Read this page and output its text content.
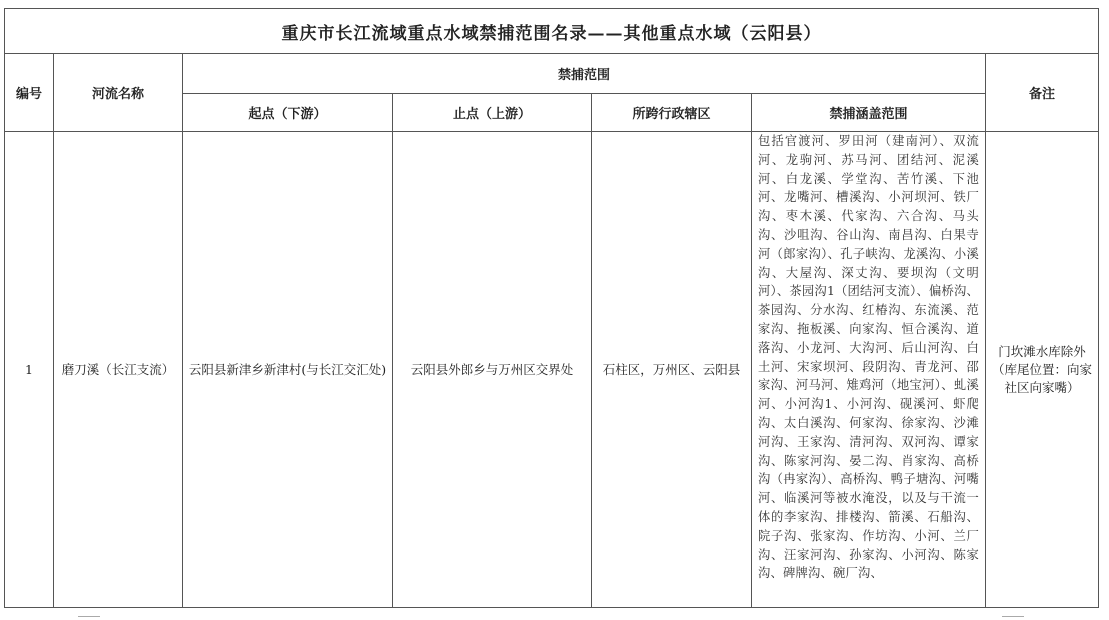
重庆市长江流域重点水域禁捕范围名录——其他重点水域（云阳县）						
编号	河流名称	禁捕范围				备注
		起点（下游）	止点（上游）	所跨行政辖区	禁捕涵盖范围	
1	磨刀溪（长江支流）	云阳县新津乡新津村(与长江交汇处)	云阳县外郎乡与万州区交界处	石柱区，万州区、云阳县	包括官渡河、罗田河（建南河）、双流河、龙驹河、苏马河、团结河、泥溪河、白龙溪、学堂沟、苦竹溪、下池河、龙嘴河、槽溪沟、小河坝河、铁厂沟、枣木溪、代家沟、六合沟、马头沟、沙咀沟、谷山沟、南昌沟、白果寺河（郎家沟）、孔子峡沟、龙溪沟、小溪沟、大屋沟、深丈沟、要坝沟（文明河）、茶园沟1（团结河支流）、偏桥沟、茶园沟、分水沟、红椿沟、东流溪、范家沟、拖板溪、向家沟、恒合溪沟、道落沟、小龙河、大沟河、后山河沟、白土河、宋家坝河、段阴沟、青龙河、邵家沟、河马河、雉鸡河（地宝河）、虬溪河、小河沟1、小河沟、砚溪河、虾爬沟、太白溪沟、何家沟、徐家沟、沙滩河沟、王家沟、清河沟、双河沟、谭家沟、陈家河沟、晏二沟、肖家沟、高桥沟（冉家沟）、高桥沟、鸭子塘沟、河嘴河、临溪河等被水淹没，以及与干流一体的李家沟、排楼沟、箭溪、石船沟、院子沟、张家沟、作坊沟、小河、兰厂沟、汪家河沟、孙家沟、小河沟、陈家沟、碑牌沟、碗厂沟、	门坎滩水库除外（库尾位置：向家社区向家嘴）
